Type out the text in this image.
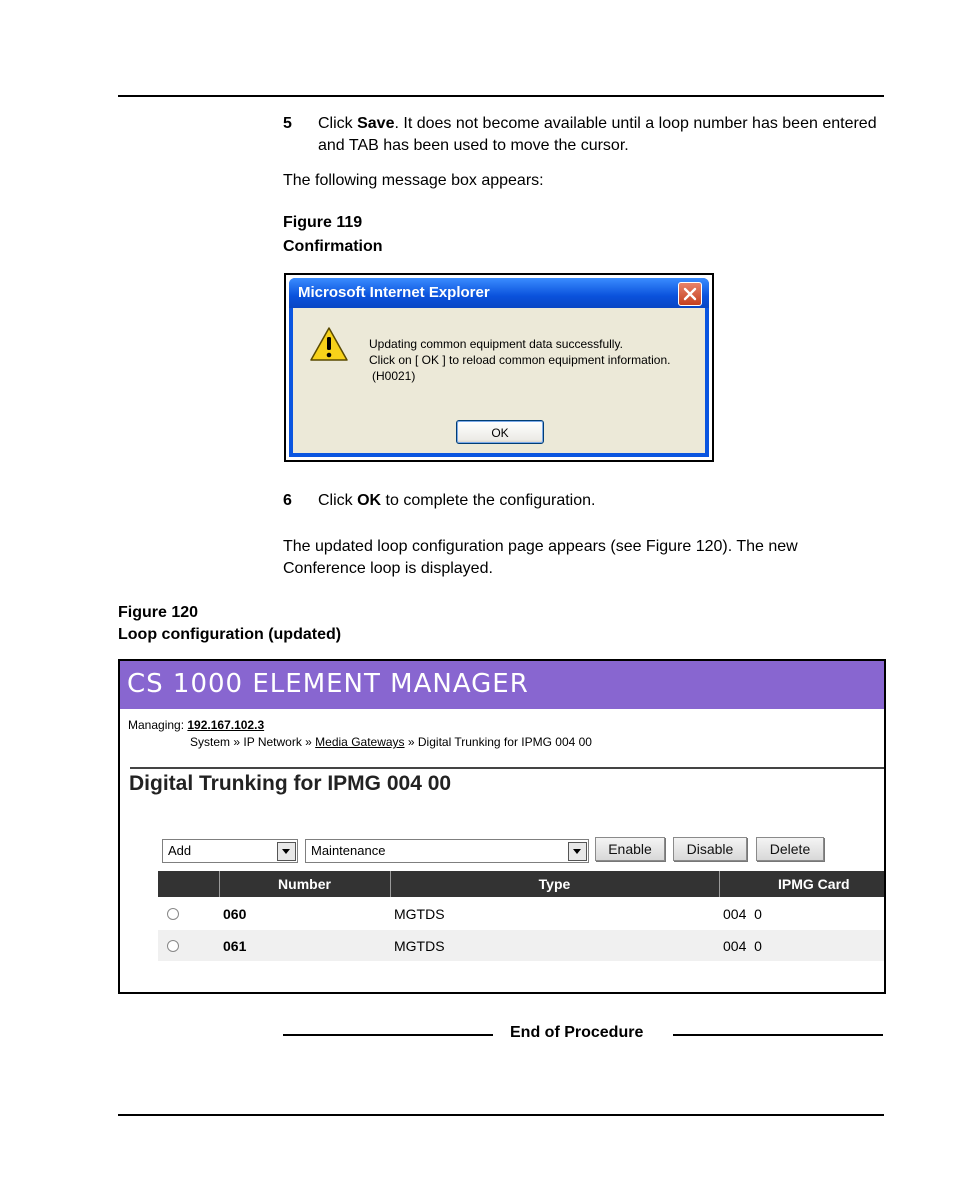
5 Click Save. It does not become available until a loop number has been entered and TAB has been used to move the cursor.
The following message box appears:
Figure 119
Confirmation
Microsoft Internet Explorer
Updating common equipment data successfully.
Click on [ OK ] to reload common equipment information.
(H0021)
OK
6 Click OK to complete the configuration.
The updated loop configuration page appears (see Figure 120). The new Conference loop is displayed.
Figure 120
Loop configuration (updated)
CS 1000 ELEMENT MANAGER
Managing: 192.167.102.3
System » IP Network » Media Gateways » Digital Trunking for IPMG 004 00
Digital Trunking for IPMG 004 00
Add	Maintenance	Enable	Disable	Delete
Number	Type	IPMG Card
060	MGTDS	004  0
061	MGTDS	004  0
End of Procedure
